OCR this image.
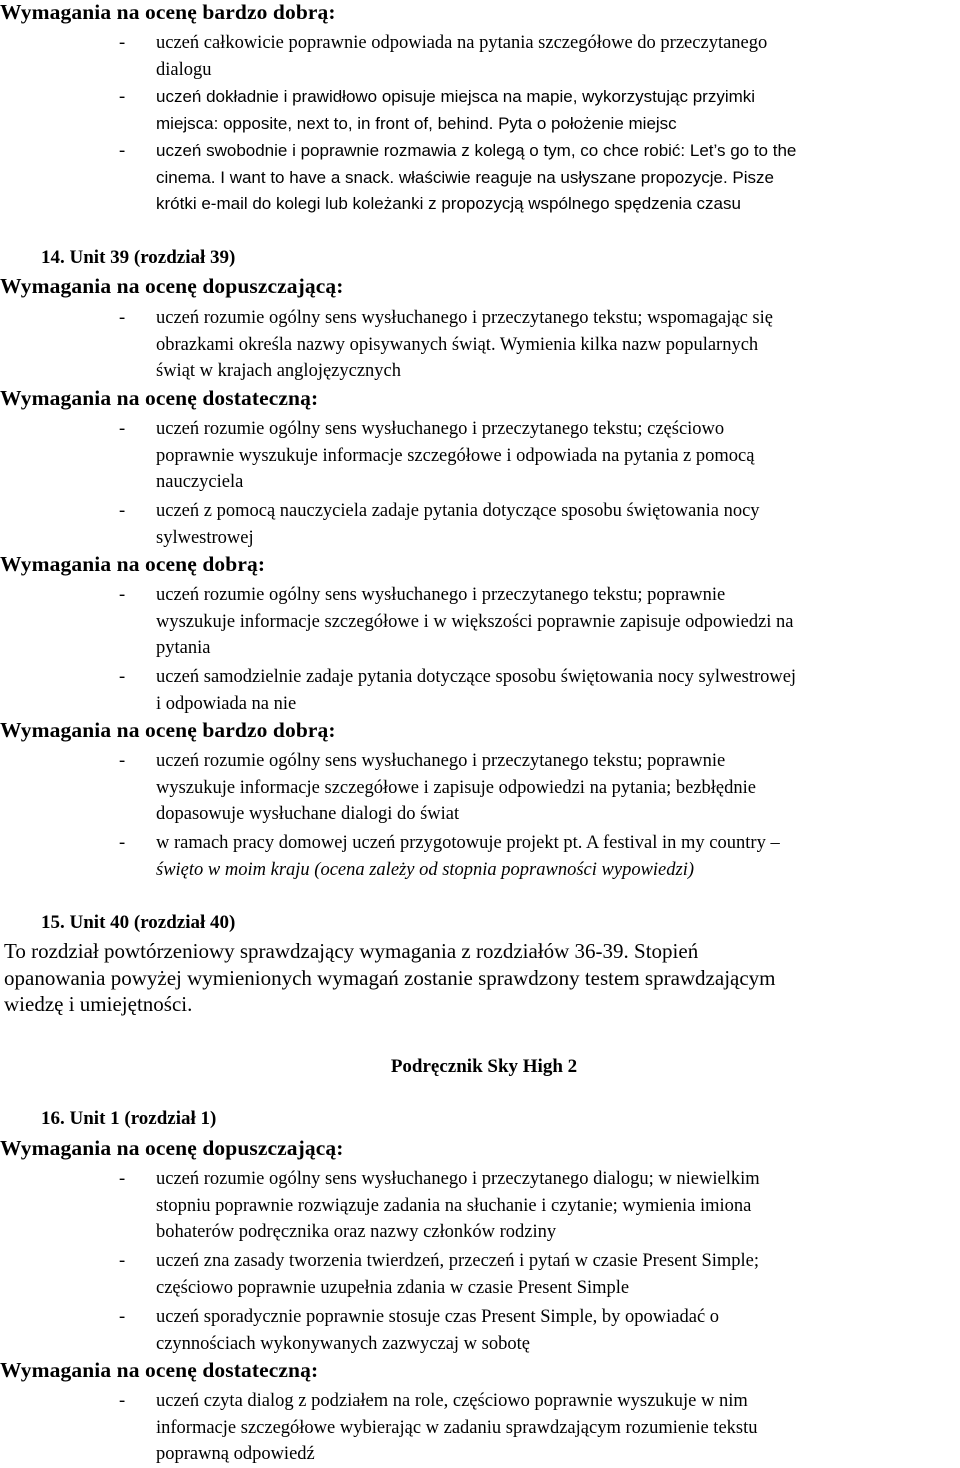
Wymagania na ocenę bardzo dobrą:
- uczeń całkowicie poprawnie odpowiada na pytania szczegółowe do przeczytanego
dialogu
- uczeń dokładnie i prawidłowo opisuje miejsca na mapie, wykorzystując przyimki
miejsca: opposite, next to, in front of, behind. Pyta o położenie miejsc
- uczeń swobodnie i poprawnie rozmawia z kolegą o tym, co chce robić: Let’s go to the
cinema. I want to have a snack. właściwie reaguje na usłyszane propozycje. Pisze
krótki e-mail do kolegi lub koleżanki z propozycją wspólnego spędzenia czasu
14. Unit 39 (rozdział 39)
Wymagania na ocenę dopuszczającą:
- uczeń rozumie ogólny sens wysłuchanego i przeczytanego tekstu; wspomagając się
obrazkami określa nazwy opisywanych świąt. Wymienia kilka nazw popularnych
świąt w krajach anglojęzycznych
Wymagania na ocenę dostateczną:
- uczeń rozumie ogólny sens wysłuchanego i przeczytanego tekstu; częściowo
poprawnie wyszukuje informacje szczegółowe i odpowiada na pytania z pomocą
nauczyciela
- uczeń z pomocą nauczyciela zadaje pytania dotyczące sposobu świętowania nocy
sylwestrowej
Wymagania na ocenę dobrą:
- uczeń rozumie ogólny sens wysłuchanego i przeczytanego tekstu; poprawnie
wyszukuje informacje szczegółowe i w większości poprawnie zapisuje odpowiedzi na
pytania
- uczeń samodzielnie zadaje pytania dotyczące sposobu świętowania nocy sylwestrowej
i odpowiada na nie
Wymagania na ocenę bardzo dobrą:
- uczeń rozumie ogólny sens wysłuchanego i przeczytanego tekstu; poprawnie
wyszukuje informacje szczegółowe i zapisuje odpowiedzi na pytania; bezbłędnie
dopasowuje wysłuchane dialogi do świat
- w ramach pracy domowej uczeń przygotowuje projekt pt. A festival in my country –
święto w moim kraju (ocena zależy od stopnia poprawności wypowiedzi)
15. Unit 40 (rozdział 40)
To rozdział powtórzeniowy sprawdzający wymagania z rozdziałów 36-39. Stopień
opanowania powyżej wymienionych wymagań zostanie sprawdzony testem sprawdzającym
wiedzę i umiejętności.
Podręcznik Sky High 2
16. Unit 1 (rozdział 1)
Wymagania na ocenę dopuszczającą:
- uczeń rozumie ogólny sens wysłuchanego i przeczytanego dialogu; w niewielkim
stopniu poprawnie rozwiązuje zadania na słuchanie i czytanie; wymienia imiona
bohaterów podręcznika oraz nazwy członków rodziny
- uczeń zna zasady tworzenia twierdzeń, przeczeń i pytań w czasie Present Simple;
częściowo poprawnie uzupełnia zdania w czasie Present Simple
- uczeń sporadycznie poprawnie stosuje czas Present Simple, by opowiadać o
czynnościach wykonywanych zazwyczaj w sobotę
Wymagania na ocenę dostateczną:
- uczeń czyta dialog z podziałem na role, częściowo poprawnie wyszukuje w nim
informacje szczegółowe wybierając w zadaniu sprawdzającym rozumienie tekstu
poprawną odpowiedź
